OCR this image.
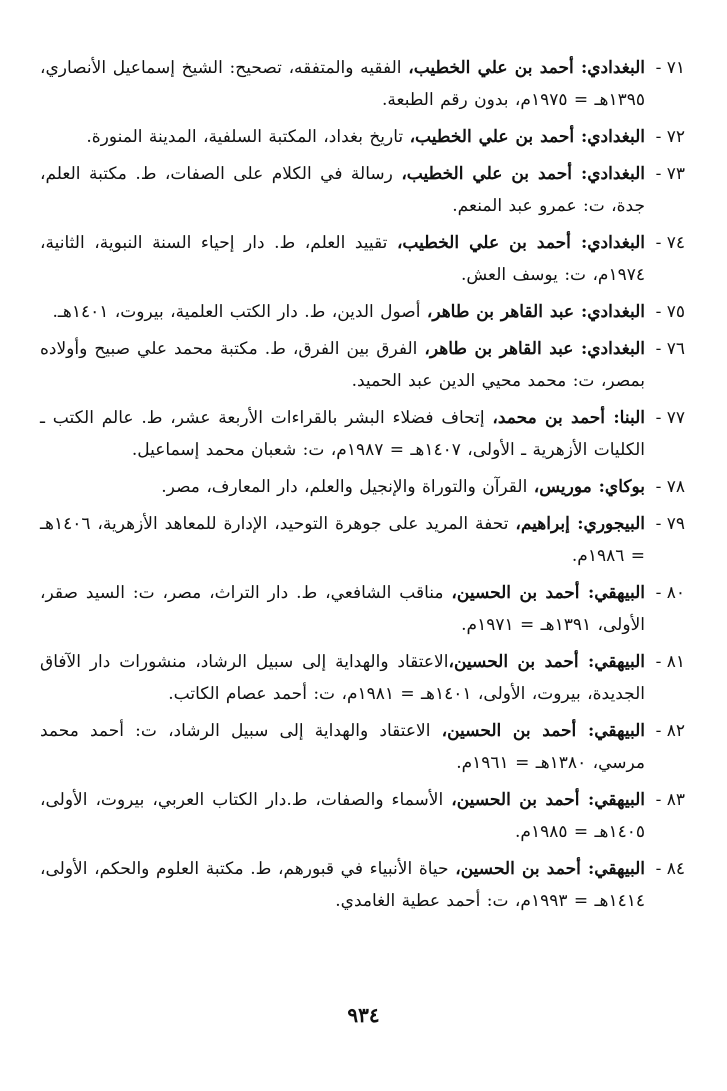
٧١ -
البغدادي: أحمد بن علي الخطيب، الفقيه والمتفقه، تصحيح: الشيخ إسماعيل الأنصاري، ١٣٩٥هـ = ١٩٧٥م، بدون رقم الطبعة.
٧٢ -
البغدادي: أحمد بن علي الخطيب، تاريخ بغداد، المكتبة السلفية، المدينة المنورة.
٧٣ -
البغدادي: أحمد بن علي الخطيب، رسالة في الكلام على الصفات، ط. مكتبة العلم، جدة، ت: عمرو عبد المنعم.
٧٤ -
البغدادي: أحمد بن علي الخطيب، تقييد العلم، ط. دار إحياء السنة النبوية، الثانية، ١٩٧٤م، ت: يوسف العش.
٧٥ -
البغدادي: عبد القاهر بن طاهر، أصول الدين، ط. دار الكتب العلمية، بيروت، ١٤٠١هـ.
٧٦ -
البغدادي: عبد القاهر بن طاهر، الفرق بين الفرق، ط. مكتبة محمد علي صبيح وأولاده بمصر، ت: محمد محيي الدين عبد الحميد.
٧٧ -
البنا: أحمد بن محمد، إتحاف فضلاء البشر بالقراءات الأربعة عشر، ط. عالم الكتب ـ الكليات الأزهرية ـ الأولى، ١٤٠٧هـ = ١٩٨٧م، ت: شعبان محمد إسماعيل.
٧٨ -
بوكاي: موريس، القرآن والتوراة والإنجيل والعلم، دار المعارف، مصر.
٧٩ -
البيجوري: إبراهيم، تحفة المريد على جوهرة التوحيد، الإدارة للمعاهد الأزهرية، ١٤٠٦هـ = ١٩٨٦م.
٨٠ -
البيهقي: أحمد بن الحسين، مناقب الشافعي، ط. دار التراث، مصر، ت: السيد صقر، الأولى، ١٣٩١هـ = ١٩٧١م.
٨١ -
البيهقي: أحمد بن الحسين،الاعتقاد والهداية إلى سبيل الرشاد، منشورات دار الآفاق الجديدة، بيروت، الأولى، ١٤٠١هـ = ١٩٨١م، ت: أحمد عصام الكاتب.
٨٢ -
البيهقي: أحمد بن الحسين، الاعتقاد والهداية إلى سبيل الرشاد، ت: أحمد محمد مرسي، ١٣٨٠هـ = ١٩٦١م.
٨٣ -
البيهقي: أحمد بن الحسين، الأسماء والصفات، ط.دار الكتاب العربي، بيروت، الأولى، ١٤٠٥هـ = ١٩٨٥م.
٨٤ -
البيهقي: أحمد بن الحسين، حياة الأنبياء في قبورهم، ط. مكتبة العلوم والحكم، الأولى، ١٤١٤هـ = ١٩٩٣م، ت: أحمد عطية الغامدي.
٩٣٤
